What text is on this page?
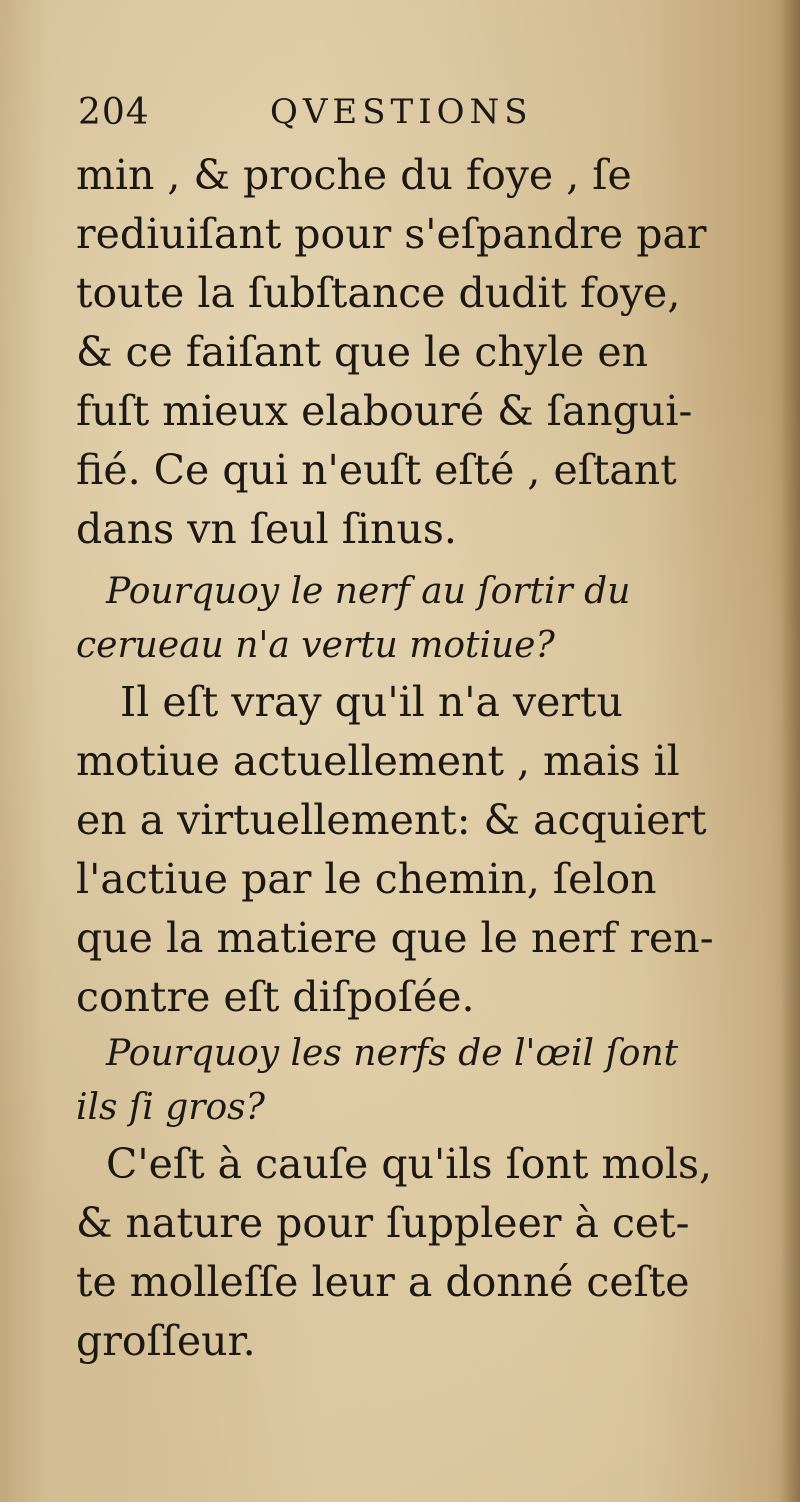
204	QVESTIONS
min , & proche du foye , ſe
rediuiſant pour s'eſpandre par
toute la ſubſtance dudit foye,
& ce faiſant que le chyle en
fuſt mieux elabouré & ſangui-
fié. Ce qui n'euſt eſté , eſtant
dans vn ſeul ſinus.
Pourquoy le nerf au ſortir du
cerueau n'a vertu motiue?
Il eſt vray qu'il n'a vertu
motiue actuellement , mais il
en a virtuellement: & acquiert
l'actiue par le chemin, ſelon
que la matiere que le nerf ren-
contre eſt diſpoſée.
Pourquoy les nerfs de l'œil ſont
ils ſi gros?
C'eſt à cauſe qu'ils ſont mols,
& nature pour ſuppleer à cet-
te molleſſe leur a donné ceſte
groſſeur.
